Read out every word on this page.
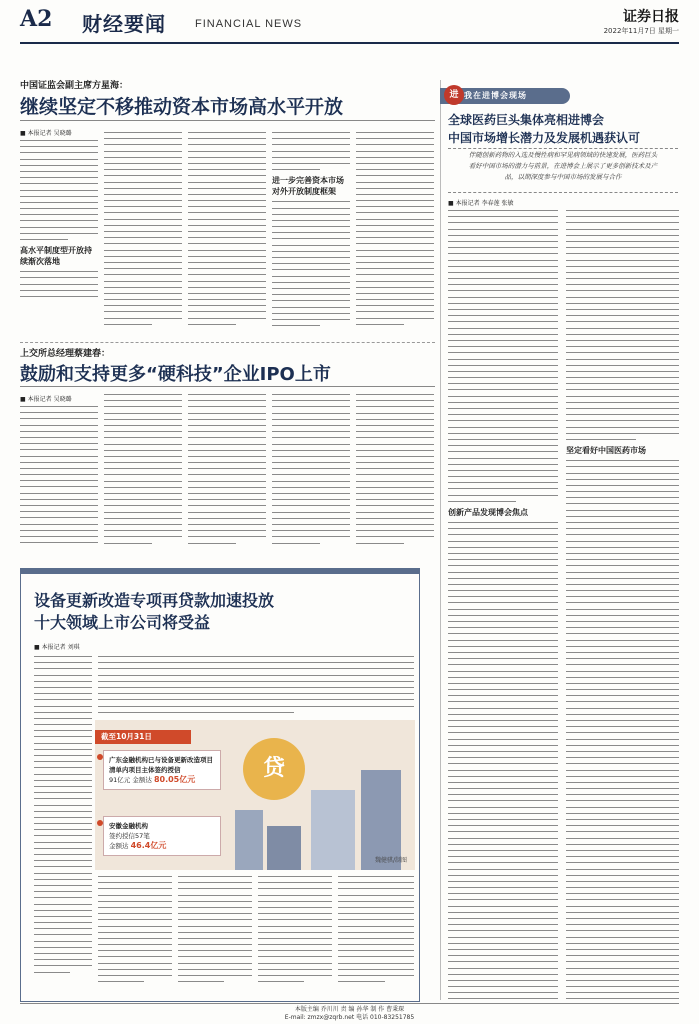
A2 财经要闻	FINANCIAL NEWS	证券日报
2022年11月7日 星期一
中国证监会副主席方星海：
继续坚定不移推动资本市场高水平开放
■ 本报记者 吴晓璐
高水平制度型开放持续渐次落地
进一步完善资本市场对外开放制度框架
上交所总经理蔡建春：
鼓励和支持更多“硬科技”企业IPO上市
■ 本报记者 吴晓璐
设备更新改造专项再贷款加速投放
十大领域上市公司将受益
■ 本报记者 刘琪
截至10月31日
广东金融机构已与设备更新改造项目清单内项目主体签约授信
91亿元 金额达 80.05亿元
安徽金融机构
签约授信57笔
金额达 46.4亿元
贷
魏健骐/制图
我在进博会现场
进
全球医药巨头集体亮相进博会
中国市场增长潜力及发展机遇获认可
伴随创新药物的入选及慢性病和罕见病领域的快速发展，医药巨头看好中国市场的潜力与前景，在进博会上展示了更多创新技术及产品，以期深度参与中国市场的发展与合作
■ 本报记者 李春莲 张敏
创新产品发现博会焦点
坚定看好中国医药市场
本版主编 乔川川 责 编 孙华 制 作 曹秉琛
E-mail: zmzx@zqrb.net 电话 010-83251785
